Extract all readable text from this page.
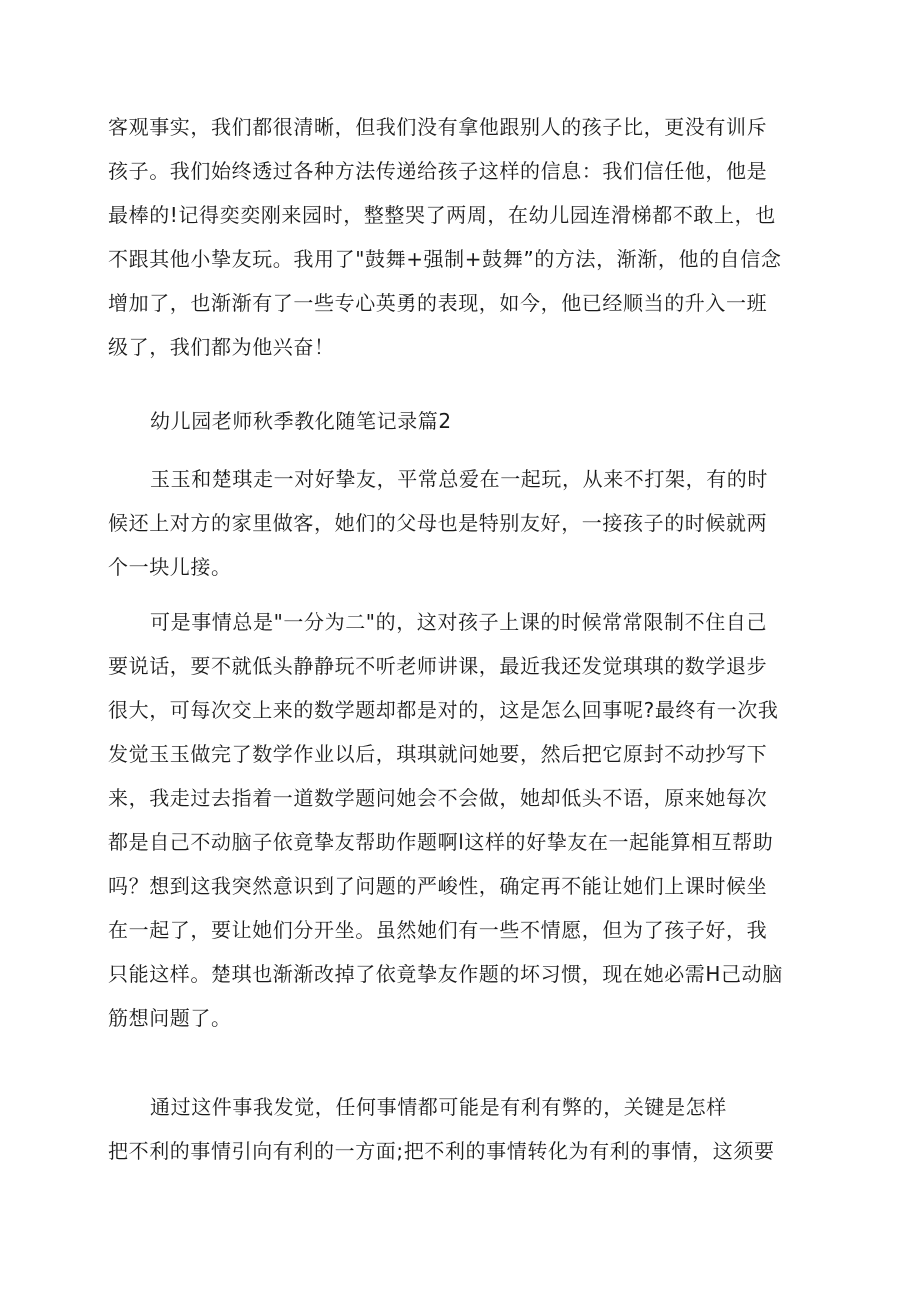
客观事实，我们都很清晰，但我们没有拿他跟别人的孩子比，更没有训斥
孩子。我们始终透过各种方法传递给孩子这样的信息：我们信任他，他是
最棒的!记得奕奕刚来园时，整整哭了两周，在幼儿园连滑梯都不敢上，也
不跟其他小挚友玩。我用了"鼓舞+强制+鼓舞”的方法，渐渐，他的自信念
增加了，也渐渐有了一些专心英勇的表现，如今，他已经顺当的升入一班
级了，我们都为他兴奋！
幼儿园老师秋季教化随笔记录篇2
玉玉和楚琪走一对好挚友，平常总爱在一起玩，从来不打架，有的时
候还上对方的家里做客，她们的父母也是特别友好，一接孩子的时候就两
个一块儿接。
可是事情总是"一分为二"的，这对孩子上课的时候常常限制不住自己
要说话，要不就低头静静玩不听老师讲课，最近我还发觉琪琪的数学退步
很大，可每次交上来的数学题却都是对的，这是怎么回事呢?最终有一次我
发觉玉玉做完了数学作业以后，琪琪就问她要，然后把它原封不动抄写下
来，我走过去指着一道数学题问她会不会做，她却低头不语，原来她每次
都是自己不动脑子依竟挚友帮助作题啊l这样的好挚友在一起能算相互帮助
吗？想到这我突然意识到了问题的严峻性，确定再不能让她们上课时候坐
在一起了，要让她们分开坐。虽然她们有一些不情愿，但为了孩子好，我
只能这样。楚琪也渐渐改掉了依竟挚友作题的坏习惯，现在她必需H己动脑
筋想问题了。
通过这件事我发觉，任何事情都可能是有利有弊的，关键是怎样
把不利的事情引向有利的一方面;把不利的事情转化为有利的事情，这须要
